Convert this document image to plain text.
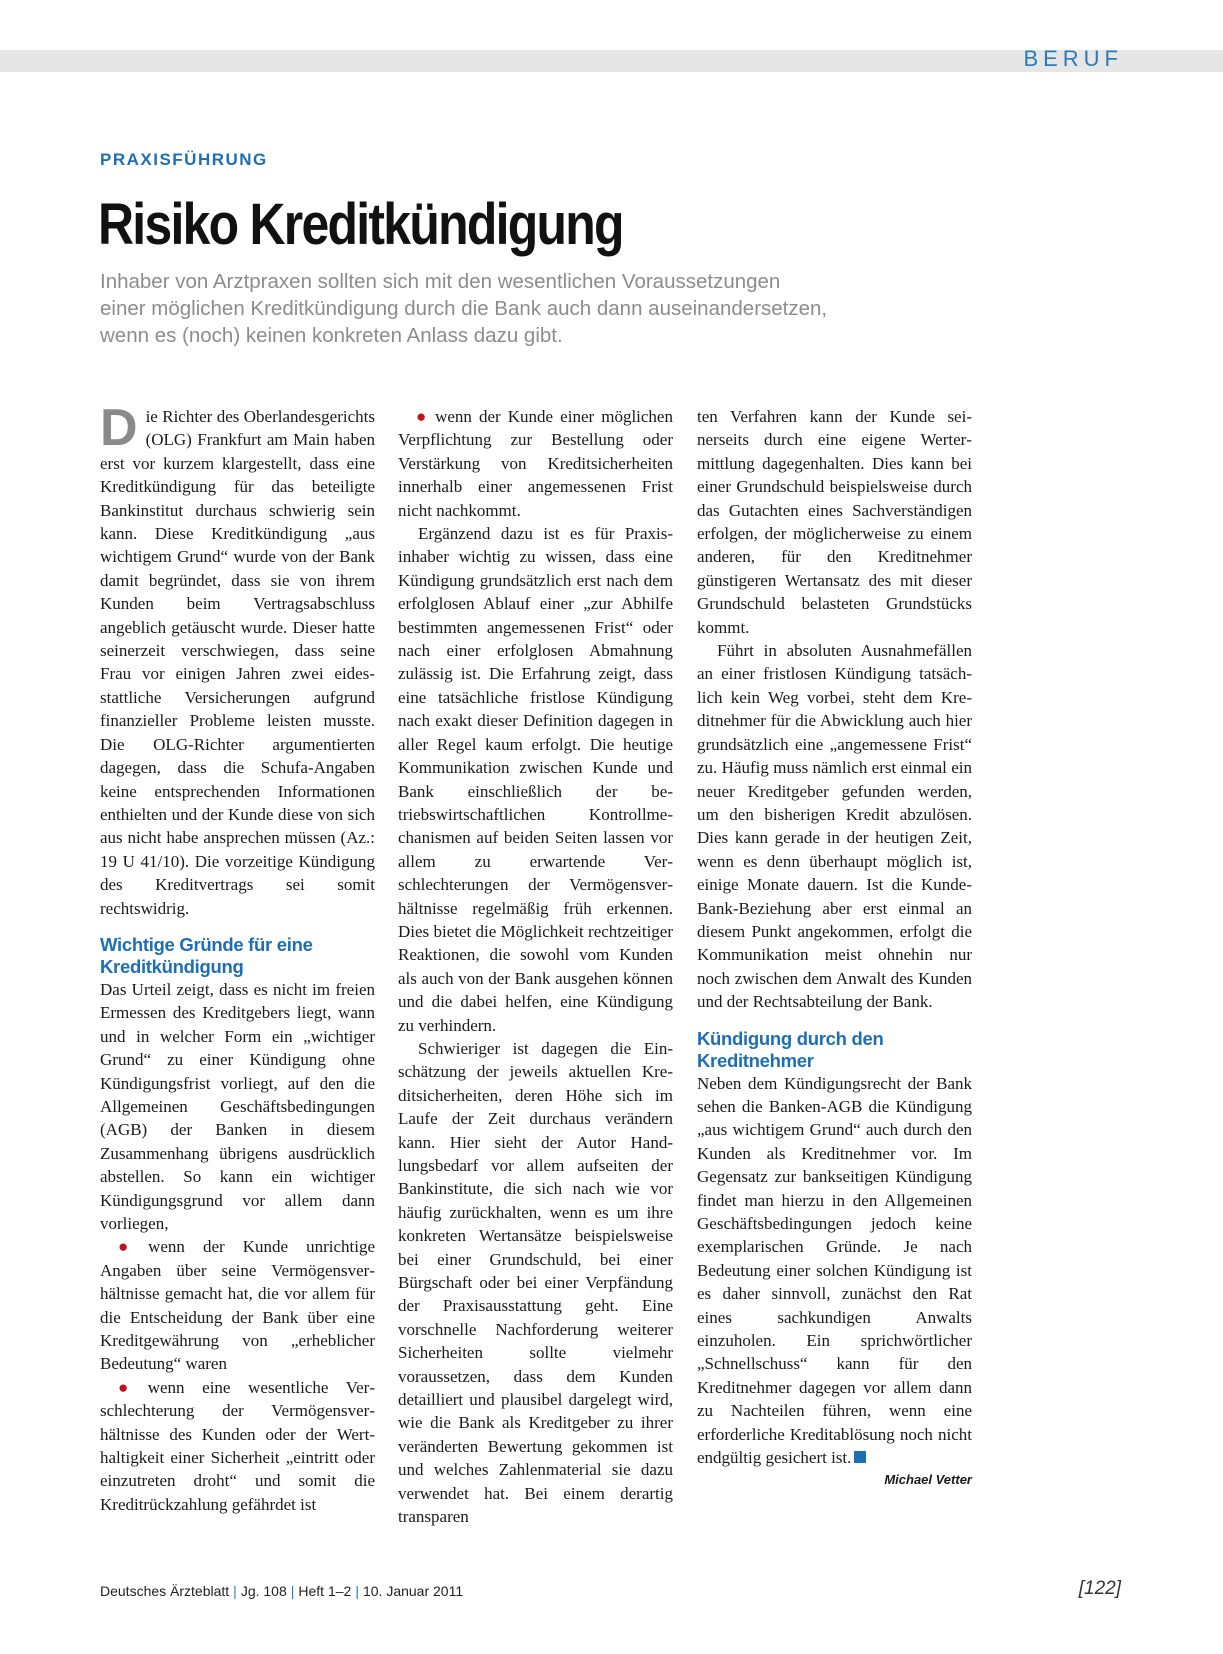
BERUF
PRAXISFÜHRUNG
Risiko Kreditkündigung

Inhaber von Arztpraxen sollten sich mit den wesentlichen Voraussetzungen
einer möglichen Kreditkündigung durch die Bank auch dann auseinandersetzen,
wenn es (noch) keinen konkreten Anlass dazu gibt.

Die Richter des Oberlandesgerichts (OLG) Frankfurt am Main haben erst vor kurzem klargestellt, dass eine Kreditkündigung für das beteiligte Bankinstitut durchaus schwierig sein kann. Diese Kreditkündigung „aus wichtigem Grund“ wurde von der Bank damit begründet, dass sie von ihrem Kunden beim Vertragsabschluss angeblich getäuscht wurde. Dieser hatte seinerzeit verschwiegen, dass seine Frau vor einigen Jahren zwei eidesstattliche Versicherungen aufgrund finanzieller Probleme leisten musste. Die OLG-Richter argumentierten dagegen, dass die Schufa-Angaben keine entsprechenden Informationen enthielten und der Kunde diese von sich aus nicht habe ansprechen müssen (Az.: 19 U 41/10). Die vorzeitige Kündigung des Kreditvertrags sei somit rechtswidrig.

Wichtige Gründe für eine Kreditkündigung

Das Urteil zeigt, dass es nicht im freien Ermessen des Kreditgebers liegt, wann und in welcher Form ein „wichtiger Grund“ zu einer Kündigung ohne Kündigungsfrist vorliegt, auf den die Allgemeinen Geschäftsbedingungen (AGB) der Banken in diesem Zusammenhang übrigens ausdrücklich abstellen. So kann ein wichtiger Kündigungsgrund vor allem dann vorliegen,

● wenn der Kunde unrichtige Angaben über seine Vermögensverhältnisse gemacht hat, die vor allem für die Entscheidung der Bank über eine Kreditgewährung von „erheblicher Bedeutung“ waren

● wenn eine wesentliche Verschlechterung der Vermögensverhältnisse des Kunden oder der Werthaltigkeit einer Sicherheit „eintritt oder einzutreten droht“ und somit die Kreditrückzahlung gefährdet ist

● wenn der Kunde einer möglichen Verpflichtung zur Bestellung oder Verstärkung von Kreditsicherheiten innerhalb einer angemessenen Frist nicht nachkommt.

Ergänzend dazu ist es für Praxisinhaber wichtig zu wissen, dass eine Kündigung grundsätzlich erst nach dem erfolglosen Ablauf einer „zur Abhilfe bestimmten angemessenen Frist“ oder nach einer erfolglosen Abmahnung zulässig ist. Die Erfahrung zeigt, dass eine tatsächliche fristlose Kündigung nach exakt dieser Definition dagegen in aller Regel kaum erfolgt. Die heutige Kommunikation zwischen Kunde und Bank einschließlich der betriebswirtschaftlichen Kontrollmechanismen auf beiden Seiten lassen vor allem zu erwartende Verschlechterungen der Vermögensverhältnisse regelmäßig früh erkennen. Dies bietet die Möglichkeit rechtzeitiger Reaktionen, die sowohl vom Kunden als auch von der Bank ausgehen können und die dabei helfen, eine Kündigung zu verhindern.

Schwieriger ist dagegen die Einschätzung der jeweils aktuellen Kreditsicherheiten, deren Höhe sich im Laufe der Zeit durchaus verändern kann. Hier sieht der Autor Handlungsbedarf vor allem aufseiten der Bankinstitute, die sich nach wie vor häufig zurückhalten, wenn es um ihre konkreten Wertansätze beispielsweise bei einer Grundschuld, bei einer Bürgschaft oder bei einer Verpfändung der Praxisausstattung geht. Eine vorschnelle Nachforderung weiterer Sicherheiten sollte vielmehr voraussetzen, dass dem Kunden detailliert und plausibel dargelegt wird, wie die Bank als Kreditgeber zu ihrer veränderten Bewertung gekommen ist und welches Zahlenmaterial sie dazu verwendet hat. Bei einem derartig transparen

ten Verfahren kann der Kunde seinerseits durch eine eigene Wertermittlung dagegenhalten. Dies kann bei einer Grundschuld beispielsweise durch das Gutachten eines Sachverständigen erfolgen, der möglicherweise zu einem anderen, für den Kreditnehmer günstigeren Wertansatz des mit dieser Grundschuld belasteten Grundstücks kommt.

Führt in absoluten Ausnahmefällen an einer fristlosen Kündigung tatsächlich kein Weg vorbei, steht dem Kreditnehmer für die Abwicklung auch hier grundsätzlich eine „angemessene Frist“ zu. Häufig muss nämlich erst einmal ein neuer Kreditgeber gefunden werden, um den bisherigen Kredit abzulösen. Dies kann gerade in der heutigen Zeit, wenn es denn überhaupt möglich ist, einige Monate dauern. Ist die Kunde-Bank-Beziehung aber erst einmal an diesem Punkt angekommen, erfolgt die Kommunikation meist ohnehin nur noch zwischen dem Anwalt des Kunden und der Rechtsabteilung der Bank.

Kündigung durch den Kreditnehmer

Neben dem Kündigungsrecht der Bank sehen die Banken-AGB die Kündigung „aus wichtigem Grund“ auch durch den Kunden als Kreditnehmer vor. Im Gegensatz zur bankseitigen Kündigung findet man hierzu in den Allgemeinen Geschäftsbedingungen jedoch keine exemplarischen Gründe. Je nach Bedeutung einer solchen Kündigung ist es daher sinnvoll, zunächst den Rat eines sachkundigen Anwalts einzuholen. Ein sprichwörtlicher „Schnellschuss“ kann für den Kreditnehmer dagegen vor allem dann zu Nachteilen führen, wenn eine erforderliche Kreditablösung noch nicht endgültig gesichert ist.

Michael Vetter
Deutsches Ärzteblatt | Jg. 108 | Heft 1–2 | 10. Januar 2011	[122]
